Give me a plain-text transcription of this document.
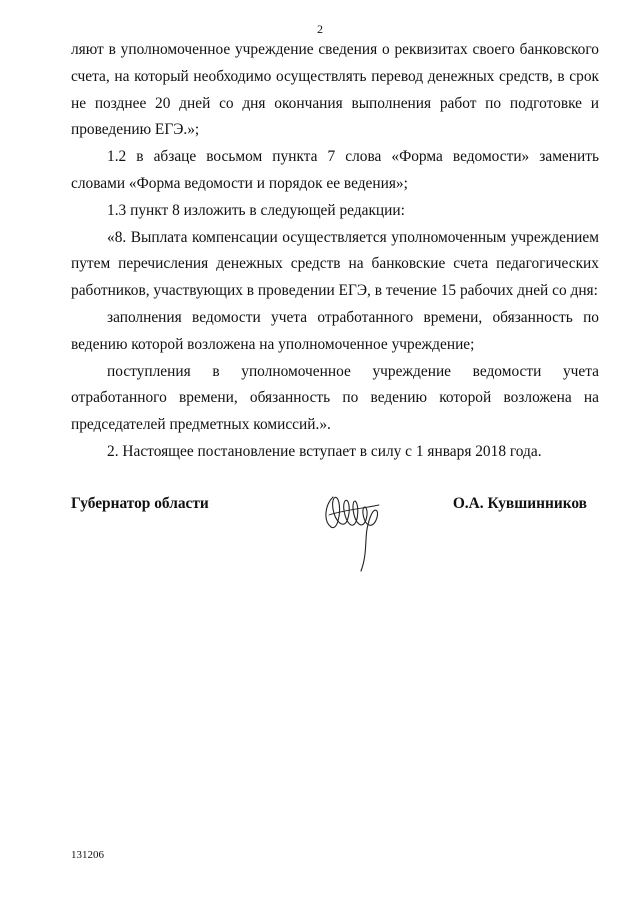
2

ляют в уполномоченное учреждение сведения о реквизитах своего банковского счета, на который необходимо осуществлять перевод денежных средств, в срок не позднее 20 дней со дня окончания выполнения работ по подготовке и проведению ЕГЭ.»;

1.2 в абзаце восьмом пункта 7 слова «Форма ведомости» заменить словами «Форма ведомости и порядок ее ведения»;

1.3 пункт 8 изложить в следующей редакции:

«8. Выплата компенсации осуществляется уполномоченным учреждением путем перечисления денежных средств на банковские счета педагогических работников, участвующих в проведении ЕГЭ, в течение 15 рабочих дней со дня:

заполнения ведомости учета отработанного времени, обязанность по ведению которой возложена на уполномоченное учреждение;

поступления в уполномоченное учреждение ведомости учета отработанного времени, обязанность по ведению которой возложена на председателей предметных комиссий.».

2. Настоящее постановление вступает в силу с 1 января 2018 года.

Губернатор области	О.А. Кувшинников
131206
